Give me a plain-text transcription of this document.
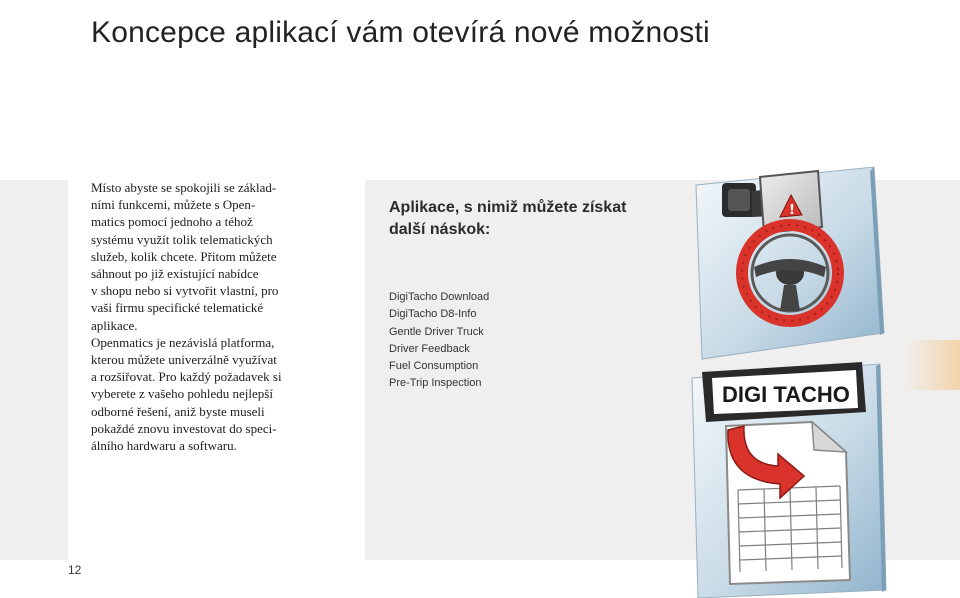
Koncepce aplikací vám otevírá nové možnosti

Místo abyste se spokojili se základ-

ními funkcemi, můžete s Open-

matics pomocí jednoho a téhož

systému využít tolik telematických

služeb, kolik chcete. Přitom můžete

sáhnout po již existující nabídce

v shopu nebo si vytvořit vlastní, pro

vaši firmu specifické telematické

aplikace.

Openmatics je nezávislá platforma,

kterou můžete univerzálně využívat

a rozšiřovat. Pro každý požadavek si

vyberete z vašeho pohledu nejlepší

odborné řešení, aniž byste museli

pokaždé znovu investovat do speci-

álního hardwaru a softwaru.

Aplikace, s nimiž můžete získat další náskok:
DigiTacho Download
DigiTacho D8-Info
Gentle Driver Truck
Driver Feedback
Fuel Consumption
Pre-Trip Inspection
!
DIGI TACHO
12
